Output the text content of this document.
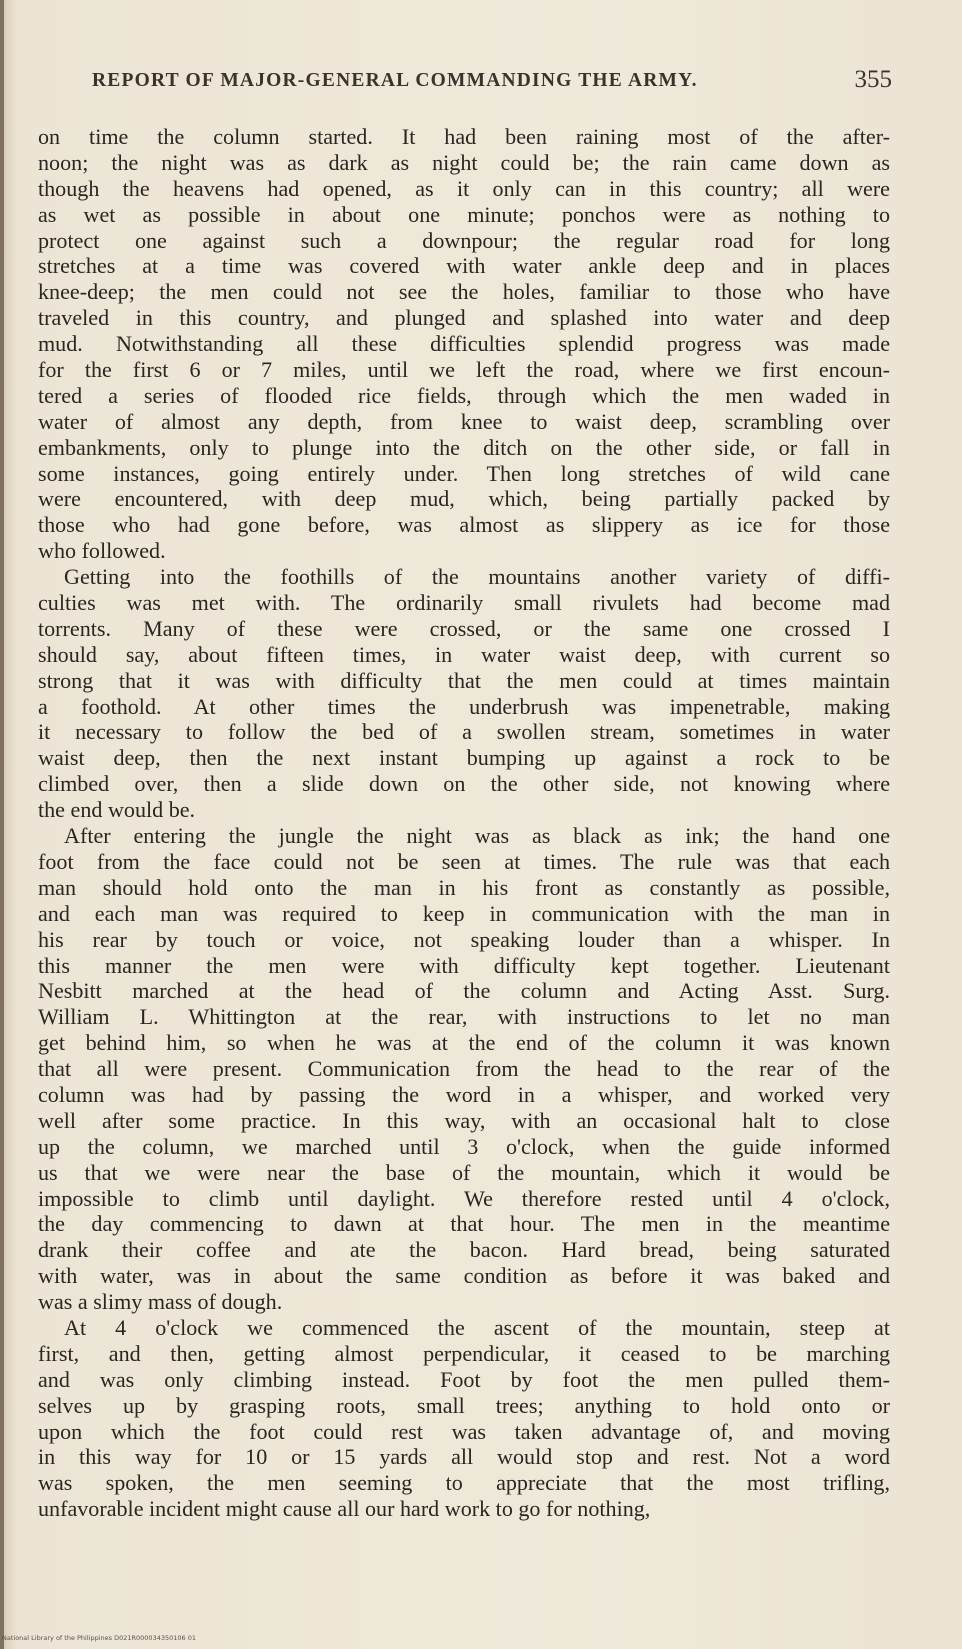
REPORT OF MAJOR-GENERAL COMMANDING THE ARMY.	355
on time the column started. It had been raining most of the after-
noon; the night was as dark as night could be; the rain came down as
though the heavens had opened, as it only can in this country; all were
as wet as possible in about one minute; ponchos were as nothing to
protect one against such a downpour; the regular road for long
stretches at a time was covered with water ankle deep and in places
knee-deep; the men could not see the holes, familiar to those who have
traveled in this country, and plunged and splashed into water and deep
mud. Notwithstanding all these difficulties splendid progress was made
for the first 6 or 7 miles, until we left the road, where we first encoun-
tered a series of flooded rice fields, through which the men waded in
water of almost any depth, from knee to waist deep, scrambling over
embankments, only to plunge into the ditch on the other side, or fall in
some instances, going entirely under. Then long stretches of wild cane
were encountered, with deep mud, which, being partially packed by
those who had gone before, was almost as slippery as ice for those
who followed.
Getting into the foothills of the mountains another variety of diffi-
culties was met with. The ordinarily small rivulets had become mad
torrents. Many of these were crossed, or the same one crossed I
should say, about fifteen times, in water waist deep, with current so
strong that it was with difficulty that the men could at times maintain
a foothold. At other times the underbrush was impenetrable, making
it necessary to follow the bed of a swollen stream, sometimes in water
waist deep, then the next instant bumping up against a rock to be
climbed over, then a slide down on the other side, not knowing where
the end would be.
After entering the jungle the night was as black as ink; the hand one
foot from the face could not be seen at times. The rule was that each
man should hold onto the man in his front as constantly as possible,
and each man was required to keep in communication with the man in
his rear by touch or voice, not speaking louder than a whisper. In
this manner the men were with difficulty kept together. Lieutenant
Nesbitt marched at the head of the column and Acting Asst. Surg.
William L. Whittington at the rear, with instructions to let no man
get behind him, so when he was at the end of the column it was known
that all were present. Communication from the head to the rear of the
column was had by passing the word in a whisper, and worked very
well after some practice. In this way, with an occasional halt to close
up the column, we marched until 3 o'clock, when the guide informed
us that we were near the base of the mountain, which it would be
impossible to climb until daylight. We therefore rested until 4 o'clock,
the day commencing to dawn at that hour. The men in the meantime
drank their coffee and ate the bacon. Hard bread, being saturated
with water, was in about the same condition as before it was baked and
was a slimy mass of dough.
At 4 o'clock we commenced the ascent of the mountain, steep at
first, and then, getting almost perpendicular, it ceased to be marching
and was only climbing instead. Foot by foot the men pulled them-
selves up by grasping roots, small trees; anything to hold onto or
upon which the foot could rest was taken advantage of, and moving
in this way for 10 or 15 yards all would stop and rest. Not a word
was spoken, the men seeming to appreciate that the most trifling,
unfavorable incident might cause all our hard work to go for nothing,
National Library of the Philippines D021R000034350106 01
